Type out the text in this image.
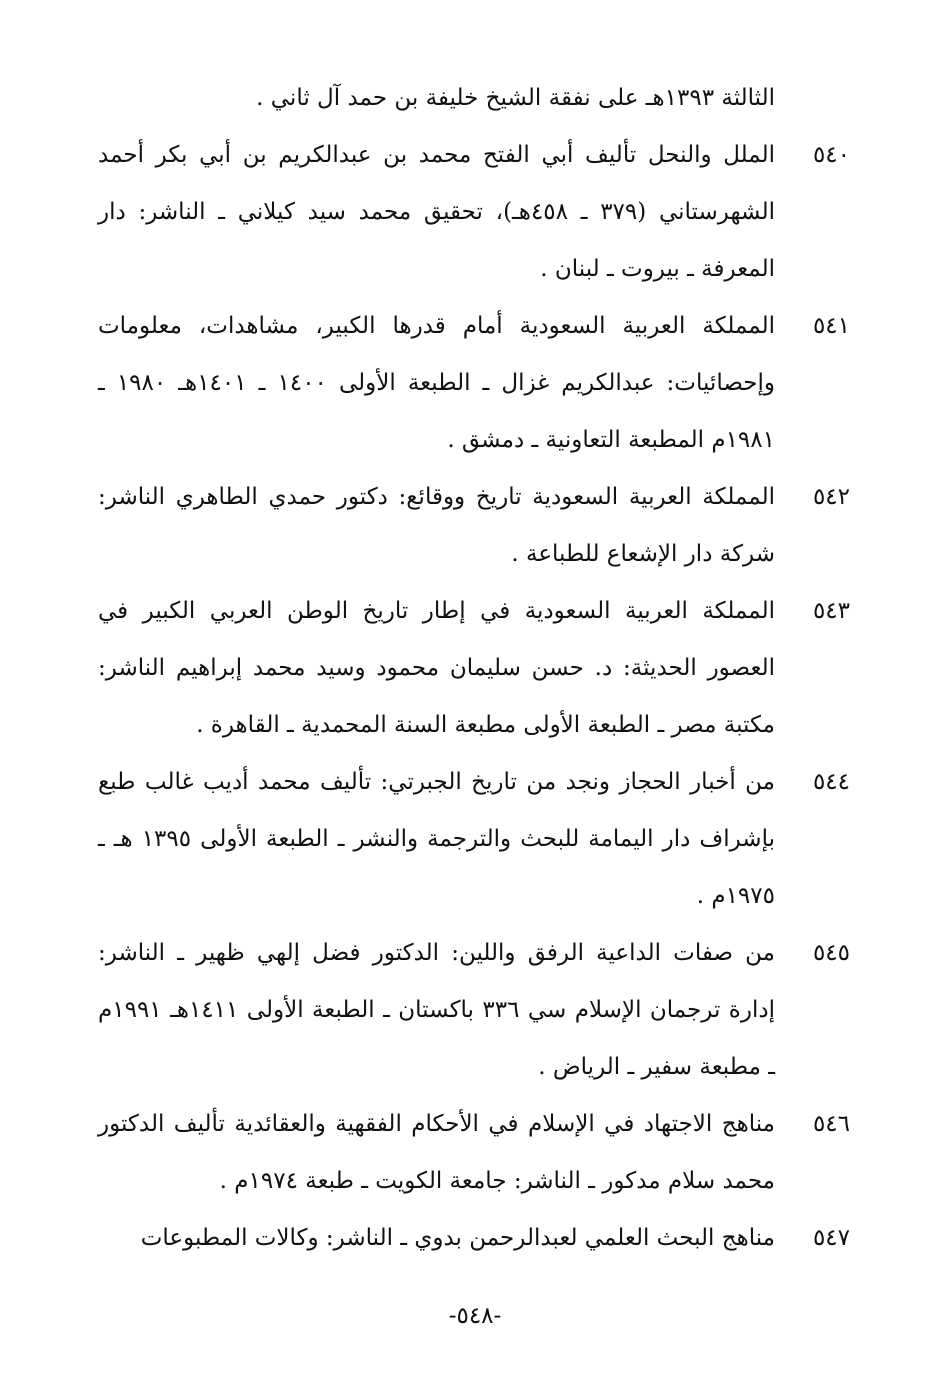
الثالثة ١٣٩٣هـ على نفقة الشيخ خليفة بن حمد آل ثاني .

٥٤٠

الملل والنحل تأليف أبي الفتح محمد بن عبدالكريم بن أبي بكر أحمد الشهرستاني (٣٧٩ ـ ٤٥٨هـ)، تحقيق محمد سيد كيلاني ـ الناشر: دار المعرفة ـ بيروت ـ لبنان .

٥٤١

المملكة العربية السعودية أمام قدرها الكبير، مشاهدات، معلومات وإحصائيات: عبدالكريم غزال ـ الطبعة الأولى ١٤٠٠ ـ ١٤٠١هـ ١٩٨٠ ـ ١٩٨١م المطبعة التعاونية ـ دمشق .

٥٤٢

المملكة العربية السعودية تاريخ ووقائع: دكتور حمدي الطاهري الناشر: شركة دار الإشعاع للطباعة .

٥٤٣

المملكة العربية السعودية في إطار تاريخ الوطن العربي الكبير في العصور الحديثة: د. حسن سليمان محمود وسيد محمد إبراهيم الناشر: مكتبة مصر ـ الطبعة الأولى مطبعة السنة المحمدية ـ القاهرة .

٥٤٤

من أخبار الحجاز ونجد من تاريخ الجبرتي: تأليف محمد أديب غالب طبع بإشراف دار اليمامة للبحث والترجمة والنشر ـ الطبعة الأولى ١٣٩٥ هـ ـ ١٩٧٥م .

٥٤٥

من صفات الداعية الرفق واللين: الدكتور فضل إلهي ظهير ـ الناشر: إدارة ترجمان الإسلام سي ٣٣٦ باكستان ـ الطبعة الأولى ١٤١١هـ ١٩٩١م ـ مطبعة سفير ـ الرياض .

٥٤٦

مناهج الاجتهاد في الإسلام في الأحكام الفقهية والعقائدية تأليف الدكتور محمد سلام مدكور ـ الناشر: جامعة الكويت ـ طبعة ١٩٧٤م .

٥٤٧

مناهج البحث العلمي لعبدالرحمن بدوي ـ الناشر: وكالات المطبوعات

-٥٤٨-
